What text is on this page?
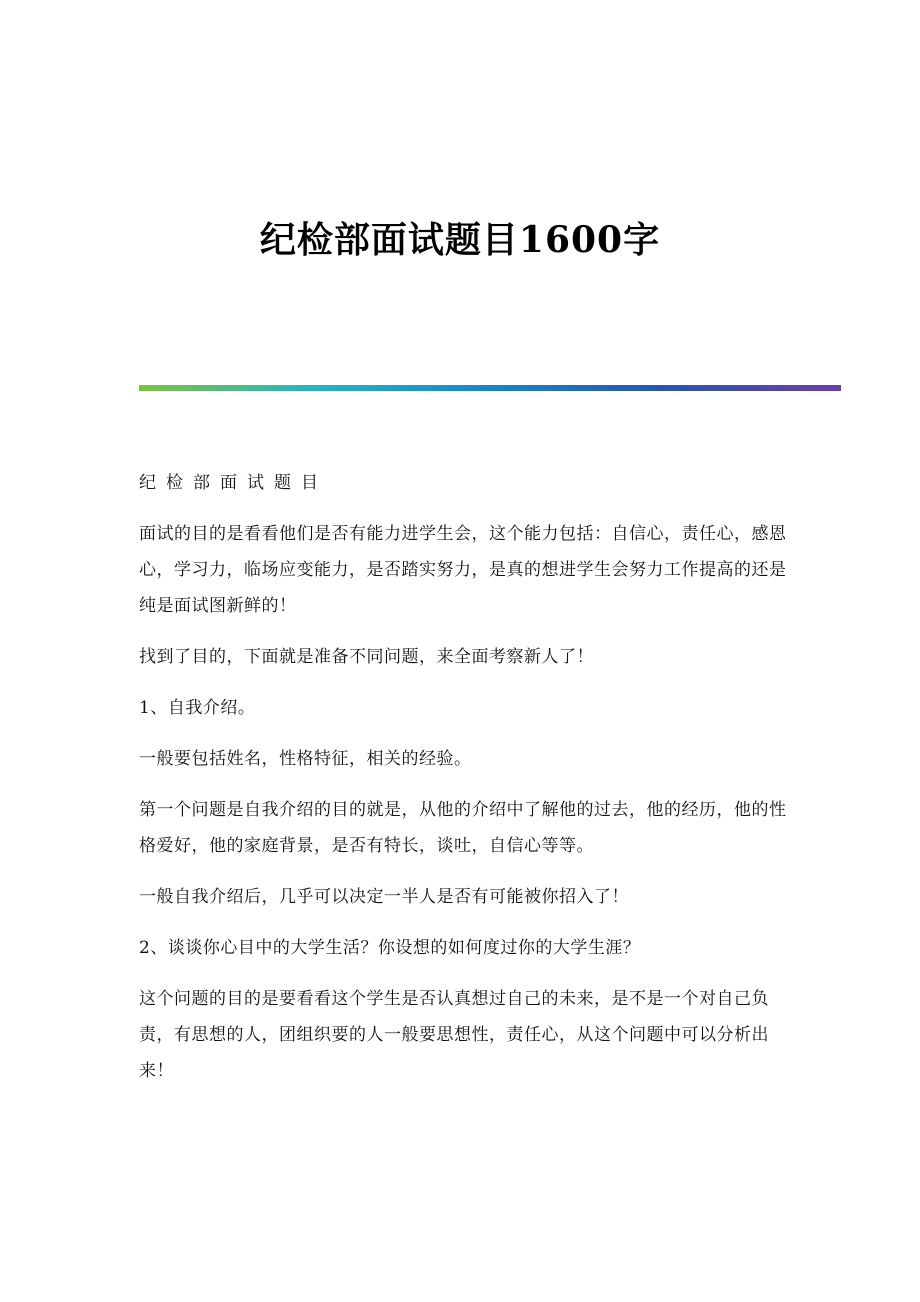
纪检部面试题目1600字

纪检部面试题目

面试的目的是看看他们是否有能力进学生会，这个能力包括：自信心，责任心，感恩心，学习力，临场应变能力，是否踏实努力，是真的想进学生会努力工作提高的还是纯是面试图新鲜的！

找到了目的，下面就是准备不同问题，来全面考察新人了！

1、自我介绍。

一般要包括姓名，性格特征，相关的经验。

第一个问题是自我介绍的目的就是，从他的介绍中了解他的过去，他的经历，他的性格爱好，他的家庭背景，是否有特长，谈吐，自信心等等。

一般自我介绍后，几乎可以决定一半人是否有可能被你招入了！

2、谈谈你心目中的大学生活？你设想的如何度过你的大学生涯？

这个问题的目的是要看看这个学生是否认真想过自己的未来，是不是一个对自己负责，有思想的人，团组织要的人一般要思想性，责任心，从这个问题中可以分析出来！
